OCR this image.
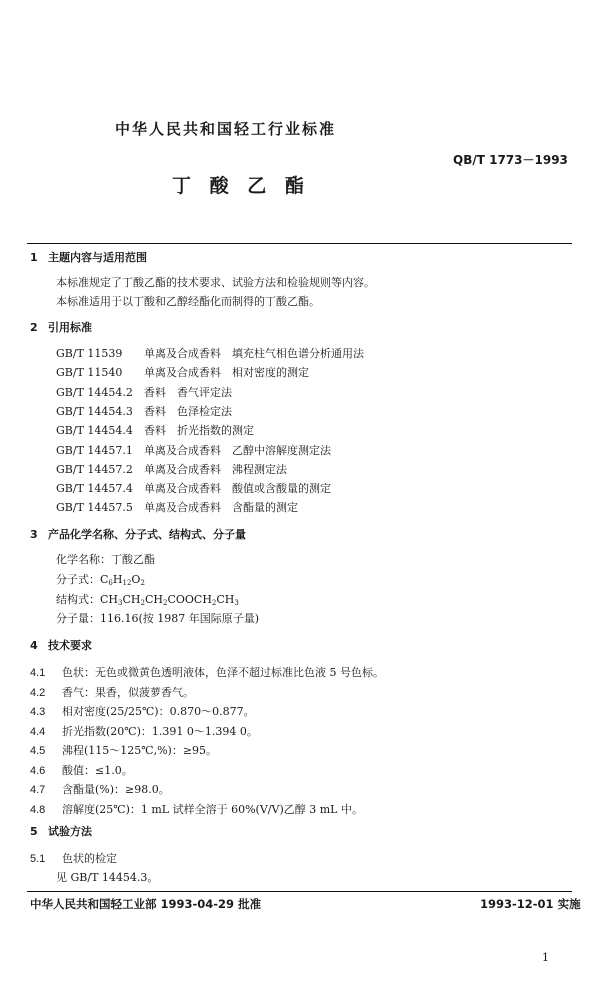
中华人民共和国轻工行业标准
QB/T 1773－1993
丁 酸 乙 酯
1 主题内容与适用范围
本标准规定了丁酸乙酯的技术要求、试验方法和检验规则等内容。
本标准适用于以丁酸和乙醇经酯化而制得的丁酸乙酯。
2 引用标准
GB/T 11539 单离及合成香料　填充柱气相色谱分析通用法
GB/T 11540 单离及合成香料　相对密度的测定
GB/T 14454.2 香料　香气评定法
GB/T 14454.3 香料　色泽检定法
GB/T 14454.4 香料　折光指数的测定
GB/T 14457.1 单离及合成香料　乙醇中溶解度测定法
GB/T 14457.2 单离及合成香料　沸程测定法
GB/T 14457.4 单离及合成香料　酸值或含酸量的测定
GB/T 14457.5 单离及合成香料　含酯量的测定
3 产品化学名称、分子式、结构式、分子量
化学名称：丁酸乙酯
分子式：$C_6H_{12}O_2$
结构式：$CH_3CH_2CH_2COOCH_2CH_3$
分子量：116.16(按 1987 年国际原子量)
4 技术要求
4.1 色状：无色或微黄色透明液体，色泽不超过标准比色液 5 号色标。
4.2 香气：果香，似菠萝香气。
4.3 相对密度(25/25℃)：0.870～0.877。
4.4 折光指数(20℃)：1.391 0～1.394 0。
4.5 沸程(115～125℃,%)：≥95。
4.6 酸值：≤1.0。
4.7 含酯量(%)：≥98.0。
4.8 溶解度(25℃)：1 mL 试样全溶于 60%(V/V)乙醇 3 mL 中。
5 试验方法
5.1 色状的检定
见 GB/T 14454.3。
中华人民共和国轻工业部 1993-04-29 批准	1993-12-01 实施
1
